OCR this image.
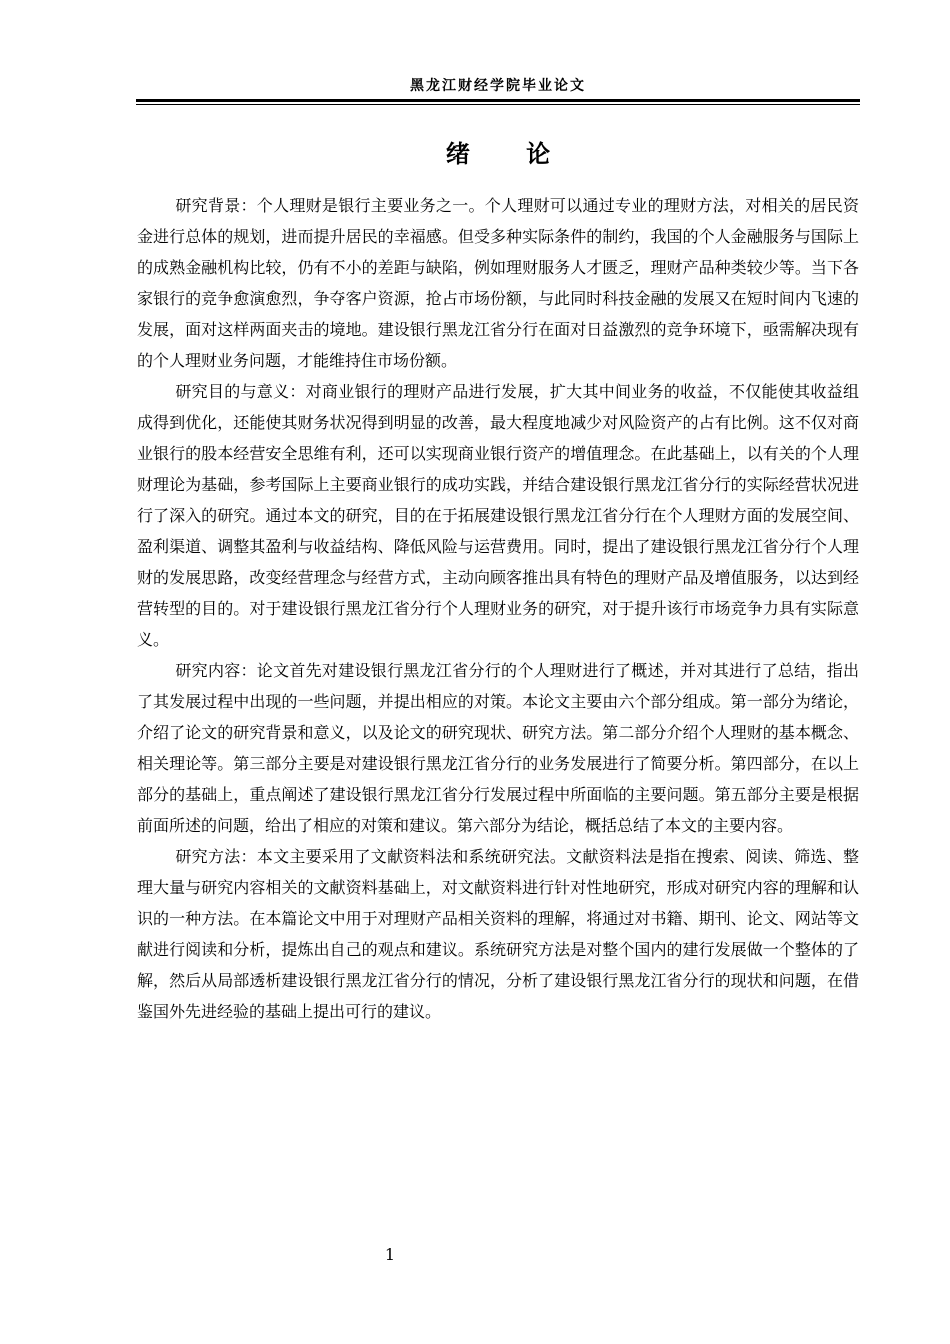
黑龙江财经学院毕业论文
绪 论

研究背景：个人理财是银行主要业务之一。个人理财可以通过专业的理财方法，对相关的居民资金进行总体的规划，进而提升居民的幸福感。但受多种实际条件的制约，我国的个人金融服务与国际上的成熟金融机构比较，仍有不小的差距与缺陷，例如理财服务人才匮乏，理财产品种类较少等。当下各家银行的竞争愈演愈烈，争夺客户资源，抢占市场份额，与此同时科技金融的发展又在短时间内飞速的发展，面对这样两面夹击的境地。建设银行黑龙江省分行在面对日益激烈的竞争环境下，亟需解决现有的个人理财业务问题，才能维持住市场份额。

研究目的与意义：对商业银行的理财产品进行发展，扩大其中间业务的收益，不仅能使其收益组成得到优化，还能使其财务状况得到明显的改善，最大程度地减少对风险资产的占有比例。这不仅对商业银行的股本经营安全思维有利，还可以实现商业银行资产的增值理念。在此基础上，以有关的个人理财理论为基础，参考国际上主要商业银行的成功实践，并结合建设银行黑龙江省分行的实际经营状况进行了深入的研究。通过本文的研究，目的在于拓展建设银行黑龙江省分行在个人理财方面的发展空间、盈利渠道、调整其盈利与收益结构、降低风险与运营费用。同时，提出了建设银行黑龙江省分行个人理财的发展思路，改变经营理念与经营方式，主动向顾客推出具有特色的理财产品及增值服务，以达到经营转型的目的。对于建设银行黑龙江省分行个人理财业务的研究，对于提升该行市场竞争力具有实际意义。

研究内容：论文首先对建设银行黑龙江省分行的个人理财进行了概述，并对其进行了总结，指出了其发展过程中出现的一些问题，并提出相应的对策。本论文主要由六个部分组成。第一部分为绪论，介绍了论文的研究背景和意义，以及论文的研究现状、研究方法。第二部分介绍个人理财的基本概念、相关理论等。第三部分主要是对建设银行黑龙江省分行的业务发展进行了简要分析。第四部分，在以上部分的基础上，重点阐述了建设银行黑龙江省分行发展过程中所面临的主要问题。第五部分主要是根据前面所述的问题，给出了相应的对策和建议。第六部分为结论，概括总结了本文的主要内容。

研究方法：本文主要采用了文献资料法和系统研究法。文献资料法是指在搜索、阅读、筛选、整理大量与研究内容相关的文献资料基础上，对文献资料进行针对性地研究，形成对研究内容的理解和认识的一种方法。在本篇论文中用于对理财产品相关资料的理解，将通过对书籍、期刊、论文、网站等文献进行阅读和分析，提炼出自己的观点和建议。系统研究方法是对整个国内的建行发展做一个整体的了解，然后从局部透析建设银行黑龙江省分行的情况，分析了建设银行黑龙江省分行的现状和问题，在借鉴国外先进经验的基础上提出可行的建议。

1
